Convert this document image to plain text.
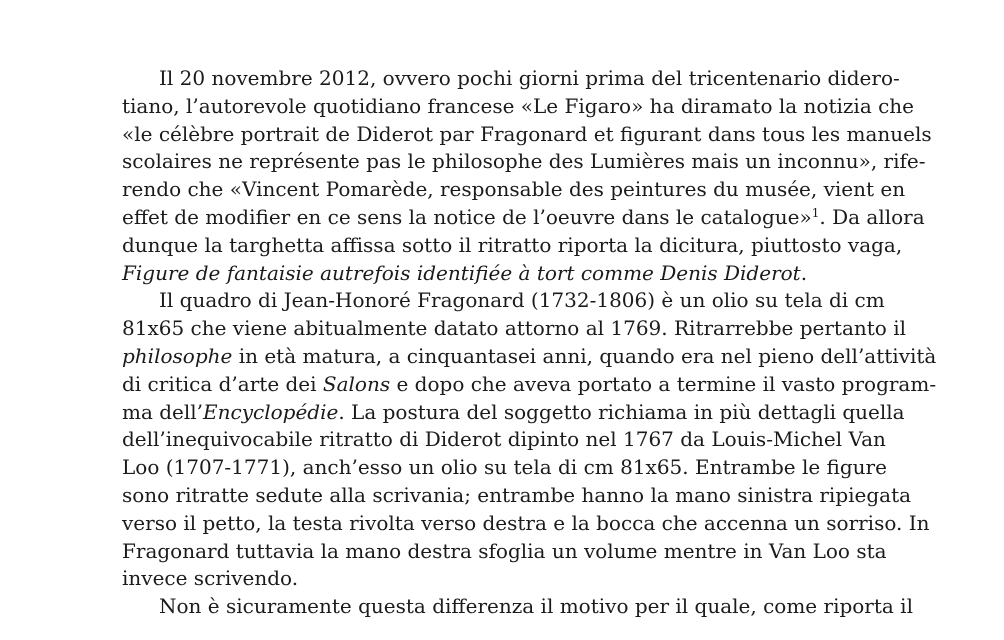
Il 20 novembre 2012, ovvero pochi giorni prima del tricentenario didero-
tiano, l’autorevole quotidiano francese «Le Figaro» ha diramato la notizia che
«le célèbre portrait de Diderot par Fragonard et figurant dans tous les manuels
scolaires ne représente pas le philosophe des Lumières mais un inconnu», rife-
rendo che «Vincent Pomarède, responsable des peintures du musée, vient en
effet de modifier en ce sens la notice de l’oeuvre dans le catalogue»$^1$. Da allora
dunque la targhetta affissa sotto il ritratto riporta la dicitura, piuttosto vaga,
Figure de fantaisie autrefois identifiée à tort comme Denis Diderot.
Il quadro di Jean-Honoré Fragonard (1732-1806) è un olio su tela di cm
81x65 che viene abitualmente datato attorno al 1769. Ritrarrebbe pertanto il
philosophe in età matura, a cinquantasei anni, quando era nel pieno dell’attività
di critica d’arte dei Salons e dopo che aveva portato a termine il vasto program-
ma dell’Encyclopédie. La postura del soggetto richiama in più dettagli quella
dell’inequivocabile ritratto di Diderot dipinto nel 1767 da Louis-Michel Van
Loo (1707-1771), anch’esso un olio su tela di cm 81x65. Entrambe le figure
sono ritratte sedute alla scrivania; entrambe hanno la mano sinistra ripiegata
verso il petto, la testa rivolta verso destra e la bocca che accenna un sorriso. In
Fragonard tuttavia la mano destra sfoglia un volume mentre in Van Loo sta
invece scrivendo.
Non è sicuramente questa differenza il motivo per il quale, come riporta il
